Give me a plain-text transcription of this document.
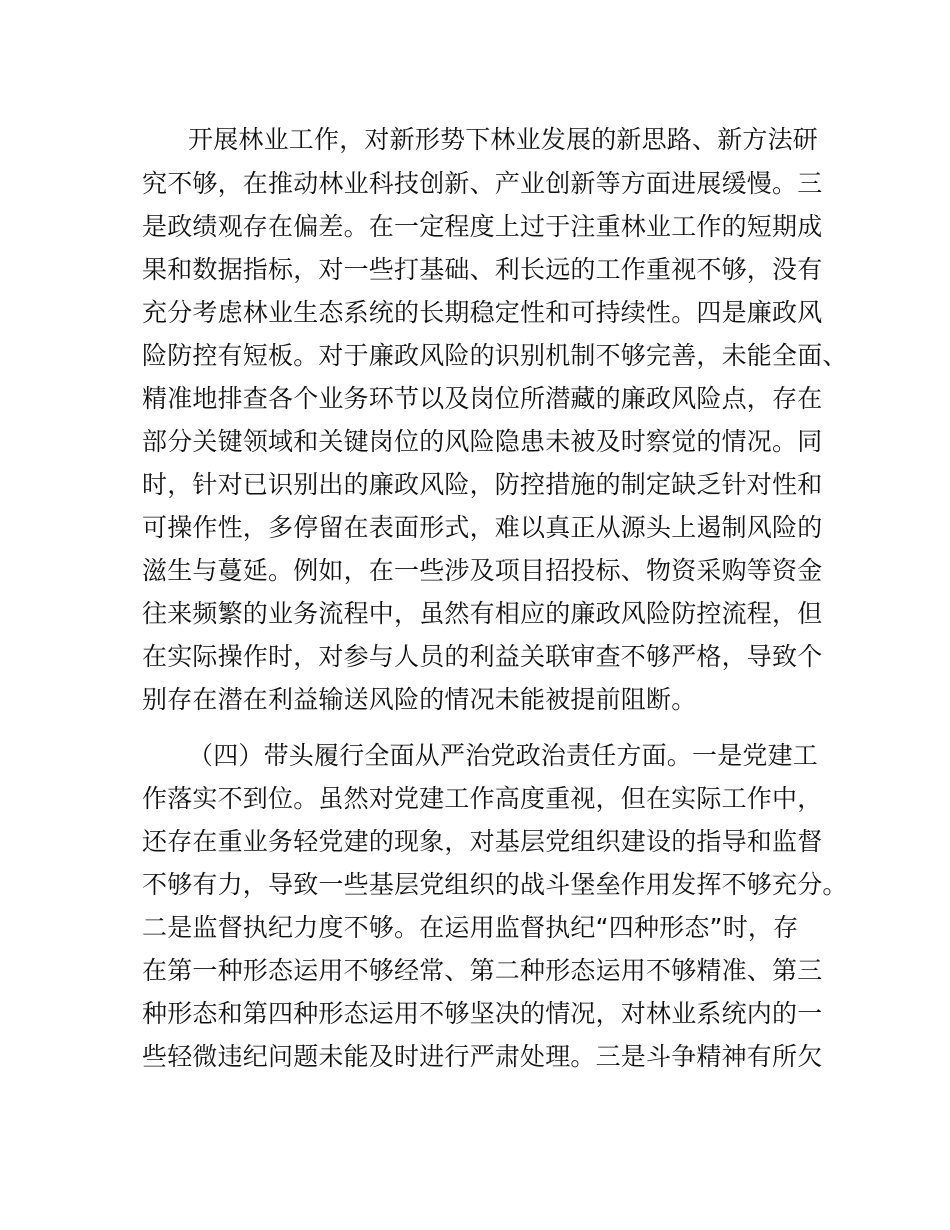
开展林业工作，对新形势下林业发展的新思路、新方法研
究不够，在推动林业科技创新、产业创新等方面进展缓慢。三
是政绩观存在偏差。在一定程度上过于注重林业工作的短期成
果和数据指标，对一些打基础、利长远的工作重视不够，没有
充分考虑林业生态系统的长期稳定性和可持续性。四是廉政风
险防控有短板。对于廉政风险的识别机制不够完善，未能全面、
精准地排查各个业务环节以及岗位所潜藏的廉政风险点，存在
部分关键领域和关键岗位的风险隐患未被及时察觉的情况。同
时，针对已识别出的廉政风险，防控措施的制定缺乏针对性和
可操作性，多停留在表面形式，难以真正从源头上遏制风险的
滋生与蔓延。例如，在一些涉及项目招投标、物资采购等资金
往来频繁的业务流程中，虽然有相应的廉政风险防控流程，但
在实际操作时，对参与人员的利益关联审查不够严格，导致个
别存在潜在利益输送风险的情况未能被提前阻断。
（四）带头履行全面从严治党政治责任方面。一是党建工
作落实不到位。虽然对党建工作高度重视，但在实际工作中，
还存在重业务轻党建的现象，对基层党组织建设的指导和监督
不够有力，导致一些基层党组织的战斗堡垒作用发挥不够充分。
二是监督执纪力度不够。在运用监督执纪“四种形态”时，存
在第一种形态运用不够经常、第二种形态运用不够精准、第三
种形态和第四种形态运用不够坚决的情况，对林业系统内的一
些轻微违纪问题未能及时进行严肃处理。三是斗争精神有所欠
